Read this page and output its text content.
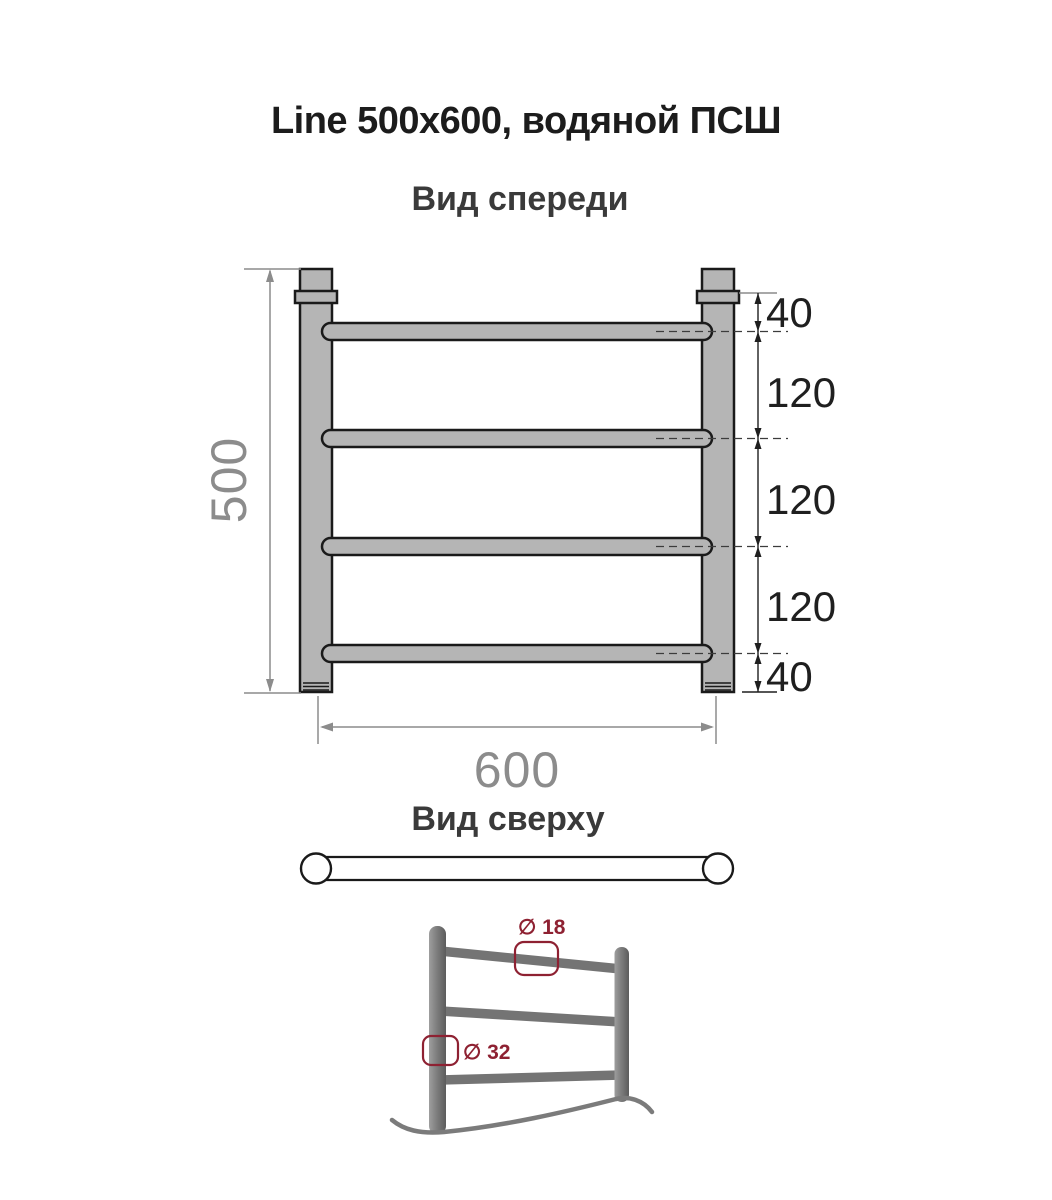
Line 500x600, водяной ПСШ
Вид спереди
500
40
120
120
120
40
600
Вид сверху
∅ 18
∅ 32
